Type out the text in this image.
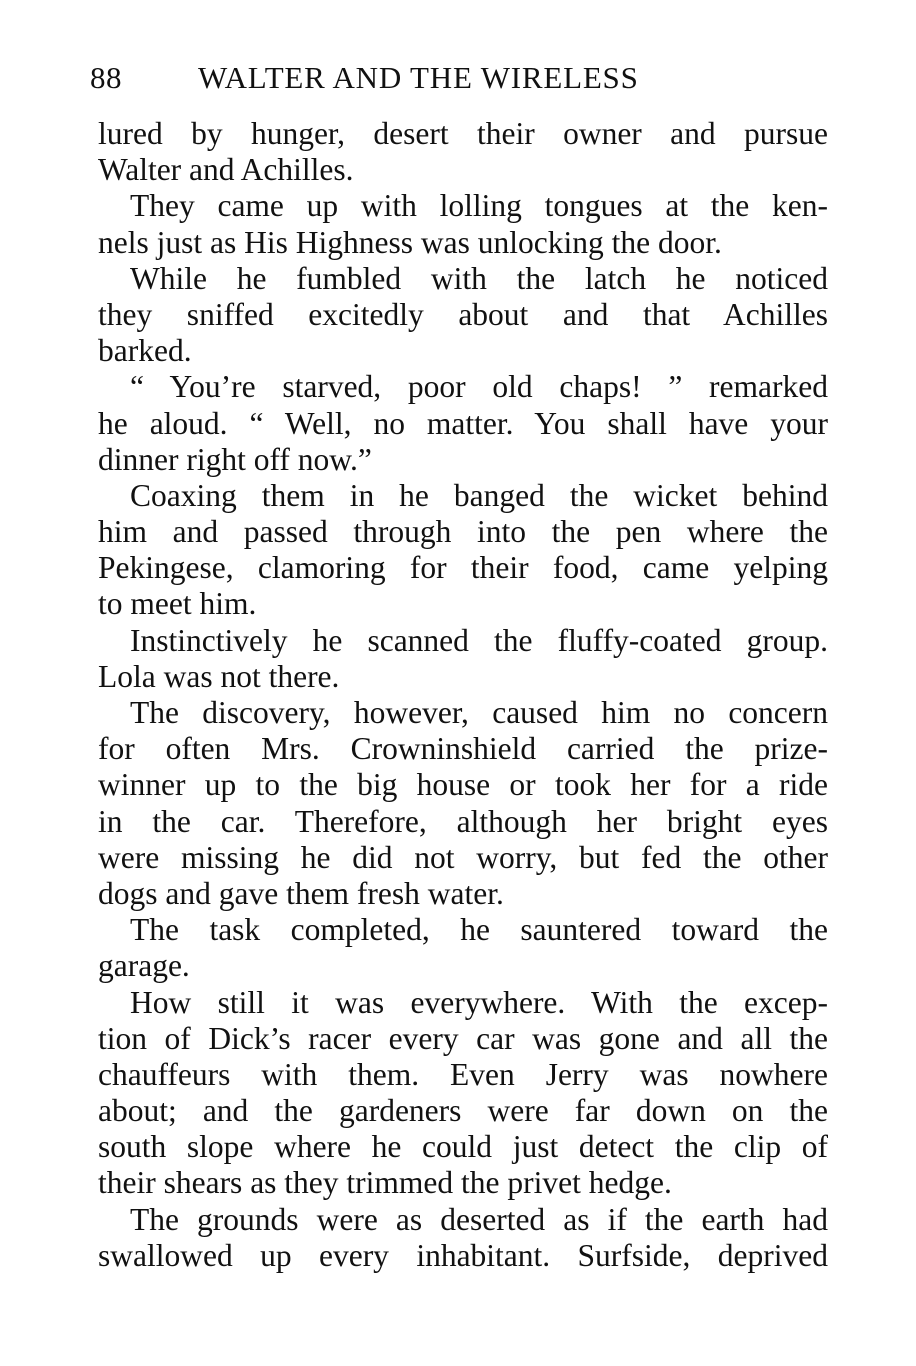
88 WALTER AND THE WIRELESS
lured by hunger, desert their owner and pursue
Walter and Achilles.
They came up with lolling tongues at the ken-
nels just as His Highness was unlocking the door.
While he fumbled with the latch he noticed
they sniffed excitedly about and that Achilles
barked.
“ You’re starved, poor old chaps! ” remarked
he aloud. “ Well, no matter. You shall have your
dinner right off now.”
Coaxing them in he banged the wicket behind
him and passed through into the pen where the
Pekingese, clamoring for their food, came yelping
to meet him.
Instinctively he scanned the fluffy-coated group.
Lola was not there.
The discovery, however, caused him no concern
for often Mrs. Crowninshield carried the prize-
winner up to the big house or took her for a ride
in the car. Therefore, although her bright eyes
were missing he did not worry, but fed the other
dogs and gave them fresh water.
The task completed, he sauntered toward the
garage.
How still it was everywhere. With the excep-
tion of Dick’s racer every car was gone and all the
chauffeurs with them. Even Jerry was nowhere
about; and the gardeners were far down on the
south slope where he could just detect the clip of
their shears as they trimmed the privet hedge.
The grounds were as deserted as if the earth had
swallowed up every inhabitant. Surfside, deprived
